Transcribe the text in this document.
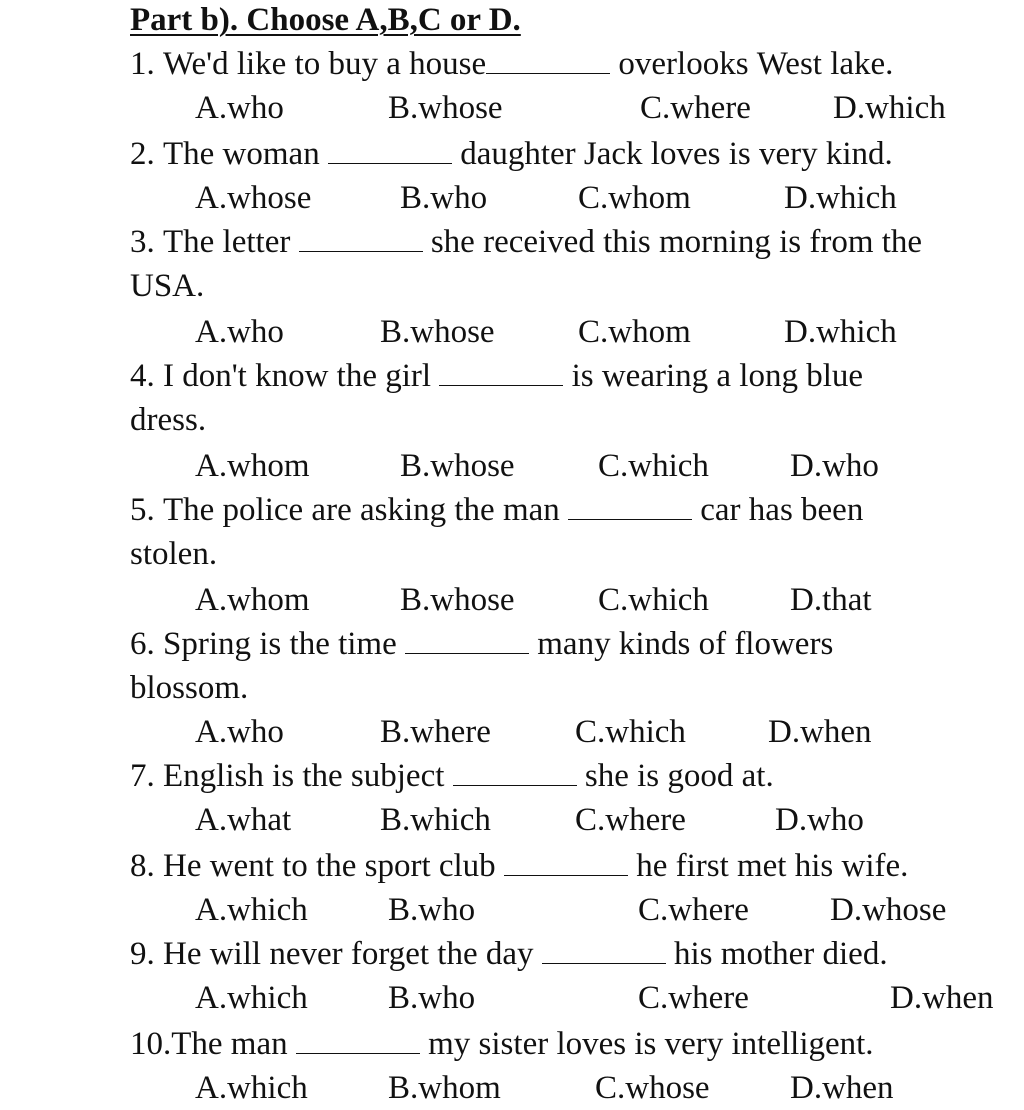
Part b). Choose A,B,C or D.
1. We'd like to buy a house	overlooks West lake.
A.who	B.whose	C.where D.which
2. The woman	daughter Jack loves is very kind.
A.whose	B.who	C.whom	D.which
3. The letter	she received this morning is from the
USA.
A.who	B.whose	C.whom	D.which
4. I don't know the girl	is wearing a long blue
dress.
A.whom	B.whose	C.which D.who
5. The police are asking the man	car has been
stolen.
A.whom	B.whose	C.which D.that
6. Spring is the time	many kinds of flowers
blossom.
A.who	B.where	C.which D.when
7. English is the subject	she is good at.
A.what	B.which	C.where	D.who
8. He went to the sport club	he first met his wife.
A.which B.who	C.where D.whose
9. He will never forget the day	his mother died.
A.which B.who	C.where	D.when
10.The man	my sister loves is very intelligent.
A.which B.whom	C.whose D.when
